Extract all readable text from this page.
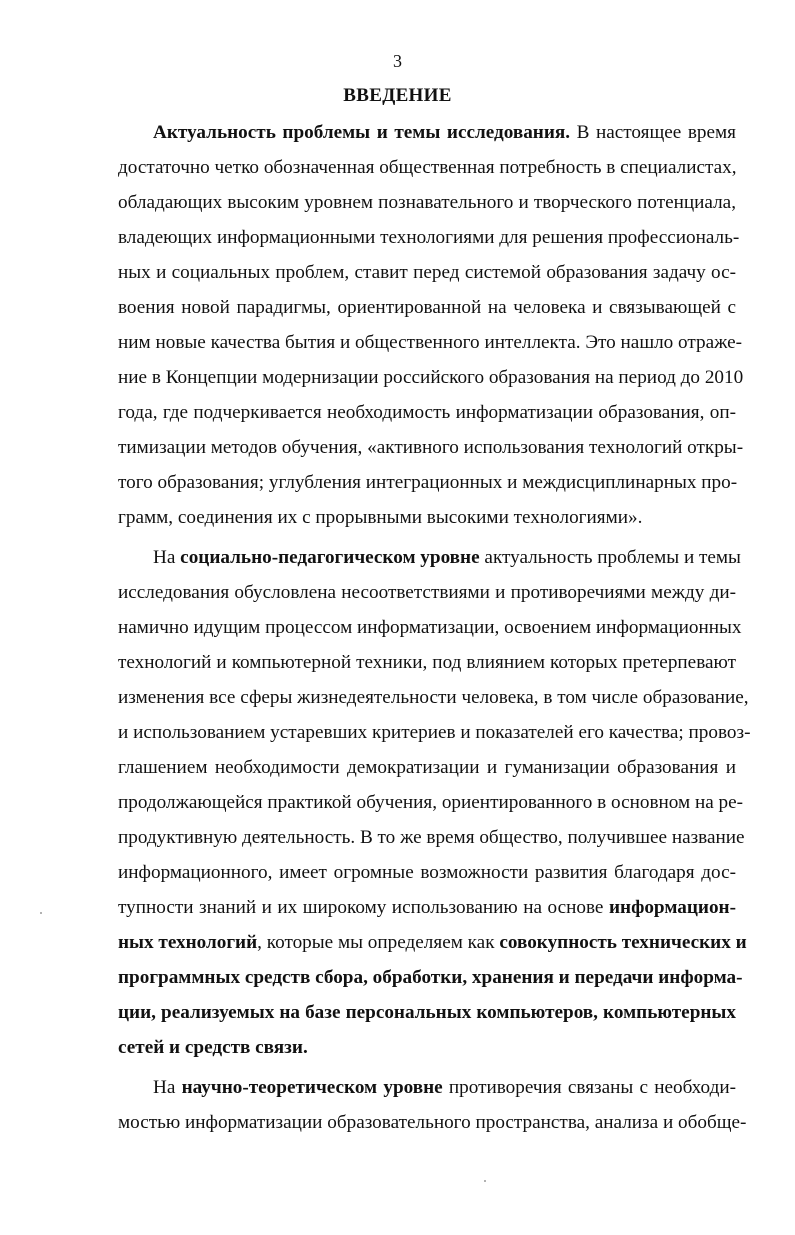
3
ВВЕДЕНИЕ
Актуальность проблемы и темы исследования. В настоящее время
достаточно четко обозначенная общественная потребность в специалистах,
обладающих высоким уровнем познавательного и творческого потенциала,
владеющих информационными технологиями для решения профессиональ-
ных и социальных проблем, ставит перед системой образования задачу ос-
воения новой парадигмы, ориентированной на человека и связывающей с
ним новые качества бытия и общественного интеллекта. Это нашло отраже-
ние в Концепции модернизации российского образования на период до 2010
года, где подчеркивается необходимость информатизации образования, оп-
тимизации методов обучения, «активного использования технологий откры-
того образования; углубления интеграционных и междисциплинарных про-
грамм, соединения их с прорывными высокими технологиями».
На социально-педагогическом уровне актуальность проблемы и темы
исследования обусловлена несоответствиями и противоречиями между ди-
намично идущим процессом информатизации, освоением информационных
технологий и компьютерной техники, под влиянием которых претерпевают
изменения все сферы жизнедеятельности человека, в том числе образование,
и использованием устаревших критериев и показателей его качества; провоз-
глашением необходимости демократизации и гуманизации образования и
продолжающейся практикой обучения, ориентированного в основном на ре-
продуктивную деятельность. В то же время общество, получившее название
информационного, имеет огромные возможности развития благодаря дос-
тупности знаний и их широкому использованию на основе информацион-
ных технологий, которые мы определяем как совокупность технических и
программных средств сбора, обработки, хранения и передачи информа-
ции, реализуемых на базе персональных компьютеров, компьютерных
сетей и средств связи.
На научно-теоретическом уровне противоречия связаны с необходи-
мостью информатизации образовательного пространства, анализа и обобще-
